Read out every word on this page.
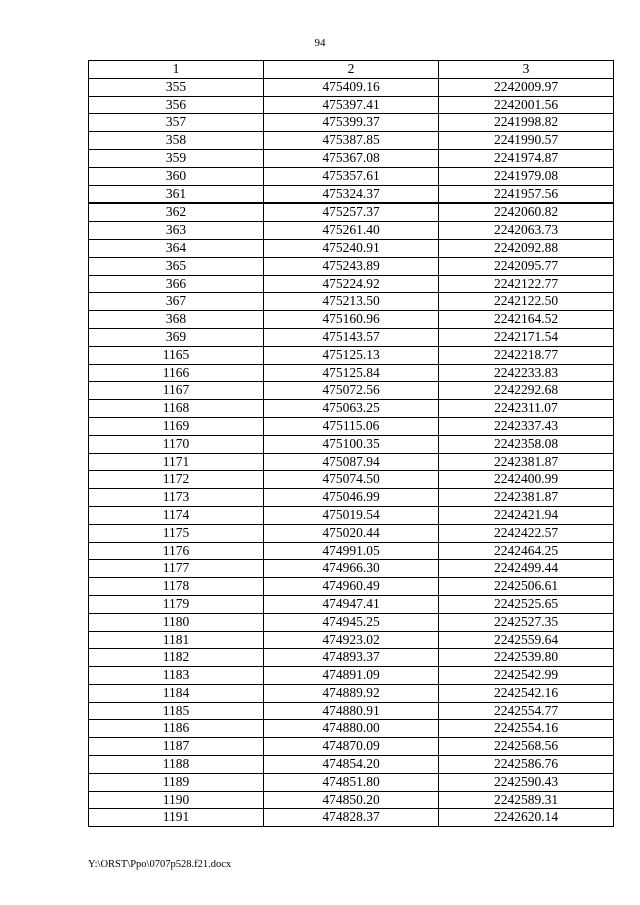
94
1	2	3
355	475409.16	2242009.97
356	475397.41	2242001.56
357	475399.37	2241998.82
358	475387.85	2241990.57
359	475367.08	2241974.87
360	475357.61	2241979.08
361	475324.37	2241957.56
362	475257.37	2242060.82
363	475261.40	2242063.73
364	475240.91	2242092.88
365	475243.89	2242095.77
366	475224.92	2242122.77
367	475213.50	2242122.50
368	475160.96	2242164.52
369	475143.57	2242171.54
1165	475125.13	2242218.77
1166	475125.84	2242233.83
1167	475072.56	2242292.68
1168	475063.25	2242311.07
1169	475115.06	2242337.43
1170	475100.35	2242358.08
1171	475087.94	2242381.87
1172	475074.50	2242400.99
1173	475046.99	2242381.87
1174	475019.54	2242421.94
1175	475020.44	2242422.57
1176	474991.05	2242464.25
1177	474966.30	2242499.44
1178	474960.49	2242506.61
1179	474947.41	2242525.65
1180	474945.25	2242527.35
1181	474923.02	2242559.64
1182	474893.37	2242539.80
1183	474891.09	2242542.99
1184	474889.92	2242542.16
1185	474880.91	2242554.77
1186	474880.00	2242554.16
1187	474870.09	2242568.56
1188	474854.20	2242586.76
1189	474851.80	2242590.43
1190	474850.20	2242589.31
1191	474828.37	2242620.14
Y:\ORST\Ppo\0707p528.f21.docx
